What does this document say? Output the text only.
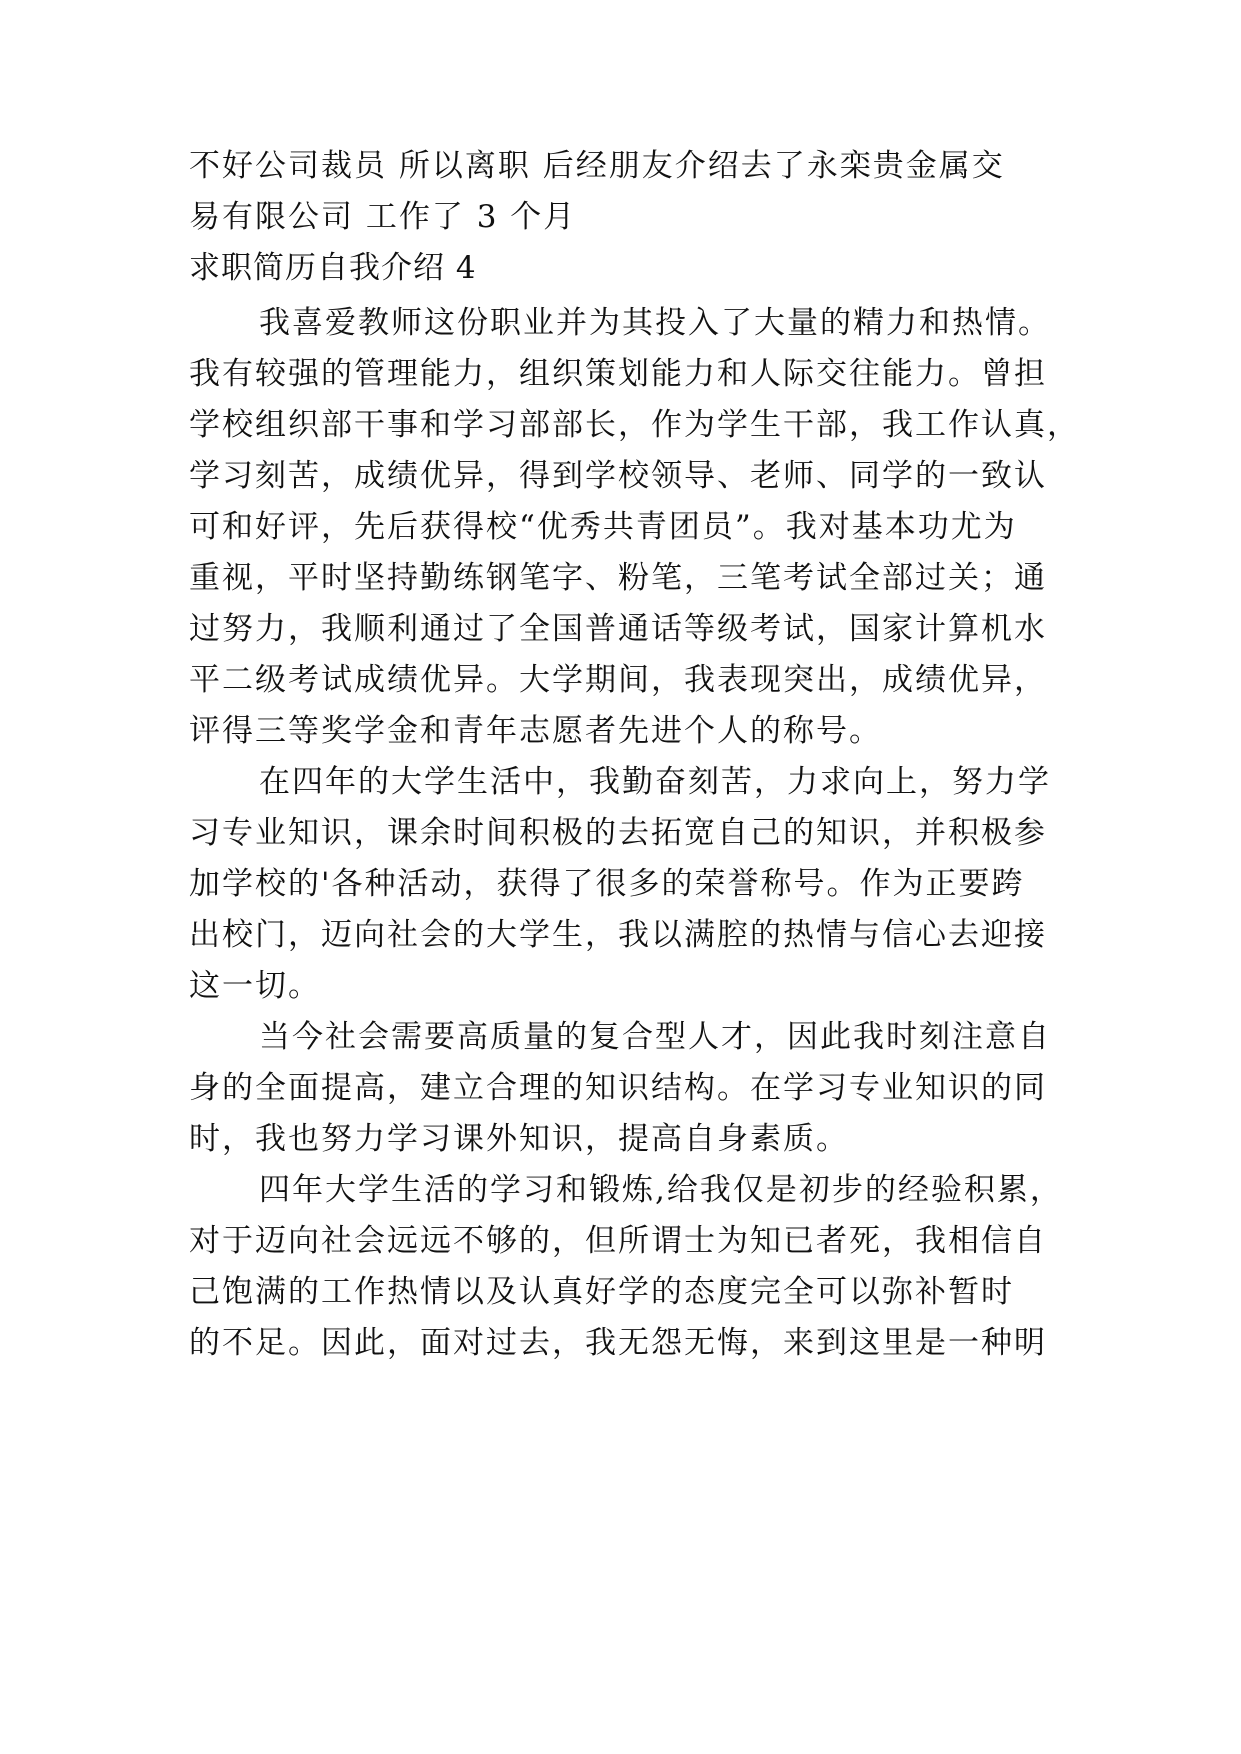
不好公司裁员 所以离职 后经朋友介绍去了永栾贵金属交
易有限公司 工作了 3 个月
求职简历自我介绍 4
我喜爱教师这份职业并为其投入了大量的精力和热情。
我有较强的管理能力，组织策划能力和人际交往能力。曾担
学校组织部干事和学习部部长，作为学生干部，我工作认真，
学习刻苦，成绩优异，得到学校领导、老师、同学的一致认
可和好评，先后获得校“优秀共青团员”。我对基本功尤为
重视，平时坚持勤练钢笔字、粉笔，三笔考试全部过关；通
过努力，我顺利通过了全国普通话等级考试，国家计算机水
平二级考试成绩优异。大学期间，我表现突出，成绩优异，
评得三等奖学金和青年志愿者先进个人的称号。
在四年的大学生活中，我勤奋刻苦，力求向上，努力学
习专业知识，课余时间积极的去拓宽自己的知识，并积极参
加学校的'各种活动，获得了很多的荣誉称号。作为正要跨
出校门，迈向社会的大学生，我以满腔的热情与信心去迎接
这一切。
当今社会需要高质量的复合型人才，因此我时刻注意自
身的全面提高，建立合理的知识结构。在学习专业知识的同
时，我也努力学习课外知识，提高自身素质。
四年大学生活的学习和锻炼,给我仅是初步的经验积累，
对于迈向社会远远不够的，但所谓士为知已者死，我相信自
己饱满的工作热情以及认真好学的态度完全可以弥补暂时
的不足。因此，面对过去，我无怨无悔，来到这里是一种明
